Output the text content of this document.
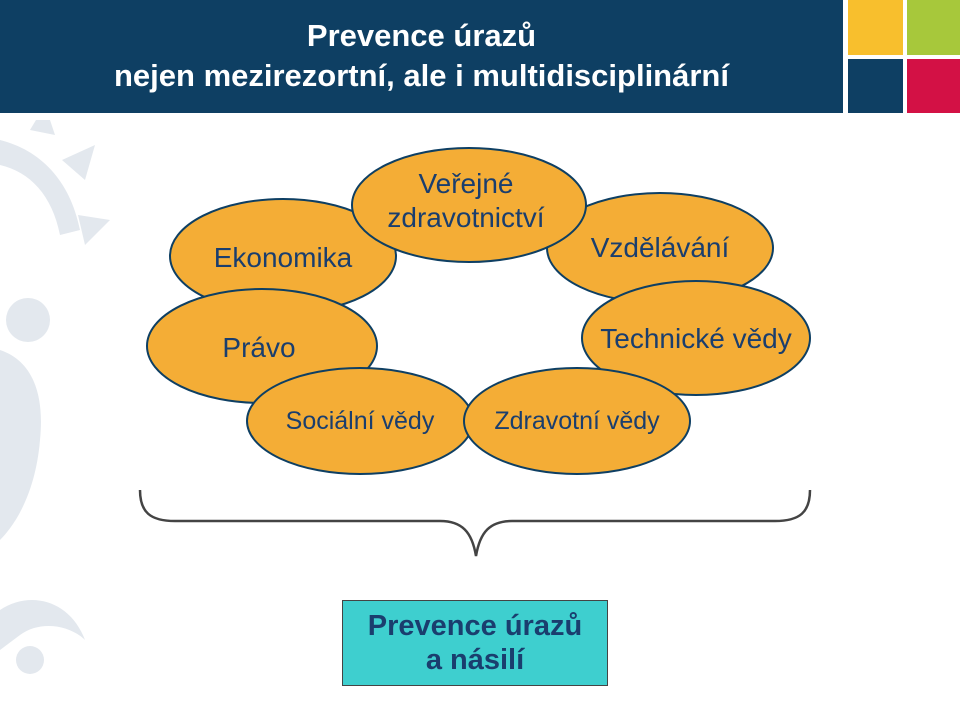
Prevence úrazů
nejen mezirezortní, ale i multidisciplinární
Ekonomika
Veřejné
zdravotnictví
Vzdělávání
Právo	Technické vědy
Sociální vědy Zdravotní vědy
Prevence úrazů
a násilí
